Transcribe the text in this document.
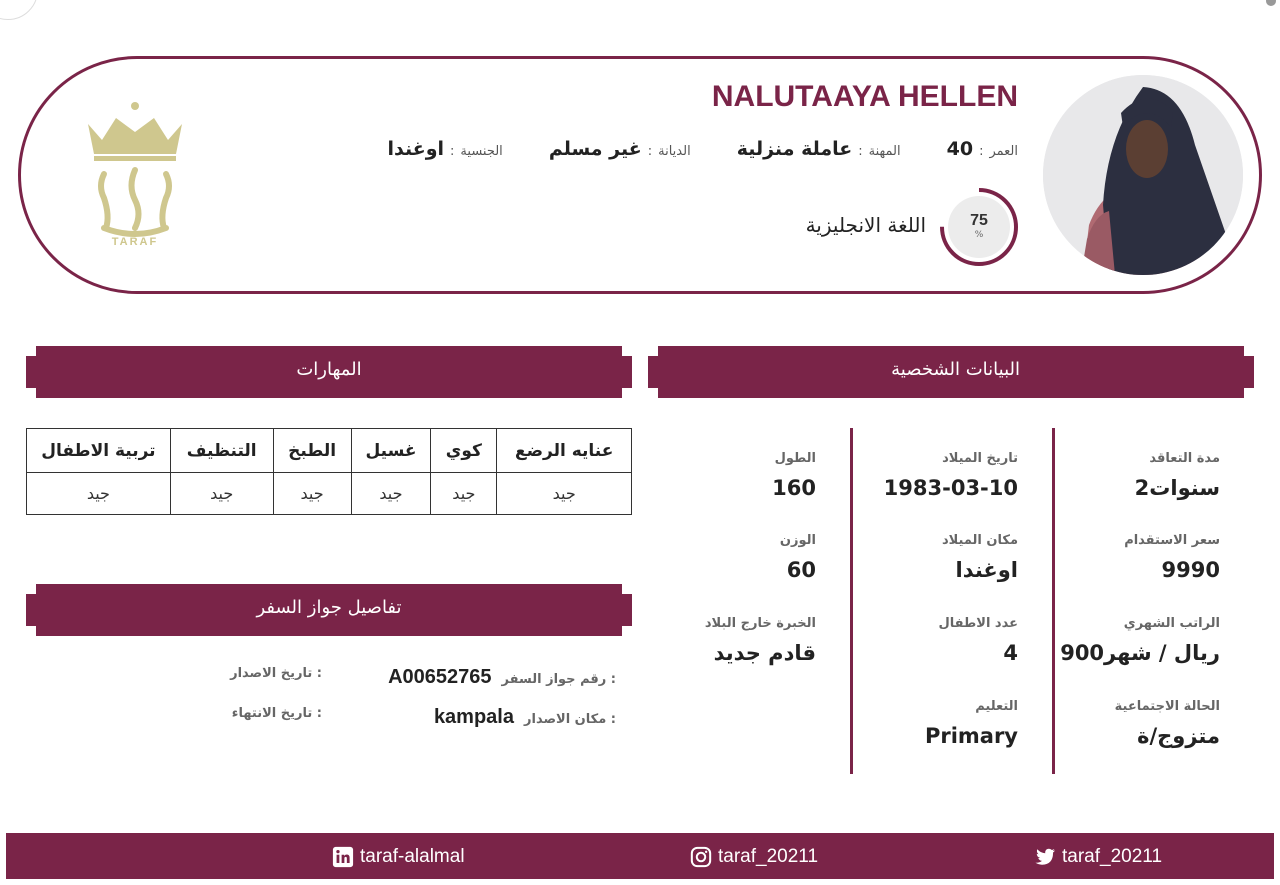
NALUTAAYA HELLEN
الجنسية
:
اوغندا	الديانة
:
غير مسلم	المهنة
:
عاملة منزلية	العمر
:
40
75
%
اللغة الانجليزية
TARAF
البيانات الشخصية
المهارات
تفاصيل جواز السفر
عنايه الرضع	كوي	غسيل	الطبخ	التنظيف	تربية الاطفال
جيد	جيد	جيد	جيد	جيد	جيد
A00652765 رقم جواز السفر :
kampala مكان الاصدار :
تاريخ الاصدار :
تاريخ الانتهاء :
مدة التعاقد
2سنوات
سعر الاستقدام
9990
الراتب الشهري
900ريال / شهر
الحالة الاجتماعية
متزوج/ة
تاريخ الميلاد
1983-03-10
مكان الميلاد
اوغندا
عدد الاطفال
4
التعليم
Primary
الطول
160
الوزن
60
الخبرة خارج البلاد
قادم جديد
taraf-alalmal	taraf_20211	taraf_20211
